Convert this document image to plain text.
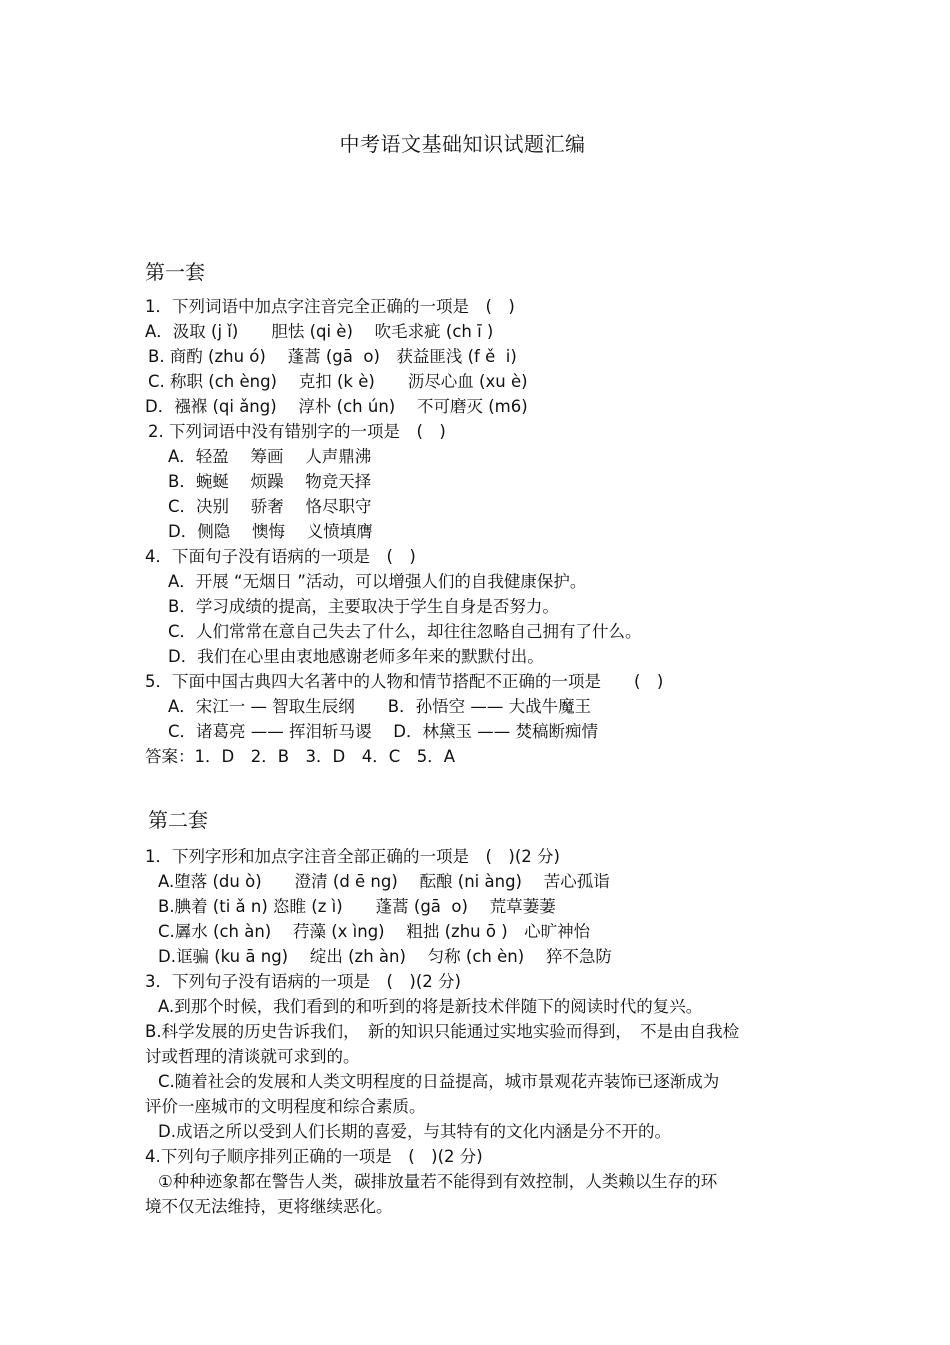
中考语文基础知识试题汇编
第一套
1．下列词语中加点字注音完全正确的一项是　(　)
A．汲取 (j ǐ)　　胆怯 (qi è)　 吹毛求疵 (ch ī )
B. 商酌 (zhu ó)　 蓬蒿 (gā  o)　获益匪浅 (f ě  i)
C. 称职 (ch èng)　 克扣 (k è)　　沥尽心血 (xu è)
D．襁褓 (qi ǎng)　 淳朴 (ch ún)　 不可磨灭 (m6)
2. 下列词语中没有错别字的一项是　(　)
A．轻盈　 筹画　 人声鼎沸
B．蜿蜒　 烦躁　 物竞天择
C．决别　 骄奢　 恪尽职守
D．侧隐　 懊悔　 义愤填膺
4．下面句子没有语病的一项是　(　)
A．开展 “无烟日 ”活动，可以增强人们的自我健康保护。
B．学习成绩的提高，主要取决于学生自身是否努力。
C．人们常常在意自己失去了什么，却往往忽略自己拥有了什么。
D．我们在心里由衷地感谢老师多年来的默默付出。
5．下面中国古典四大名著中的人物和情节搭配不正确的一项是　　(　)
A．宋江一 — 智取生辰纲　　B．孙悟空 —— 大战牛魔王
C．诸葛亮 —— 挥泪斩马谡　 D．林黛玉 —— 焚稿断痴情
答案：1．D　2．B　3．D　4．C　5．A
第二套
1．下列字形和加点字注音全部正确的一项是　(　)(2 分)
A.堕落 (du ò)　　澄清 (d ē ng)　 酝酿 (ni àng)　 苦心孤诣
B.腆着 (ti ǎ n) 恣睢 (z ì)　　蓬蒿 (gā  o)　 荒草萋萋
C.羼水 (ch àn)　 荇藻 (x ìng)　 粗拙 (zhu ō )　心旷神怡
D.诓骗 (ku ā ng)　 绽出 (zh àn)　 匀称 (ch èn)　 猝不急防
3．下列句子没有语病的一项是　(　)(2 分)
A.到那个时候，我们看到的和听到的将是新技术伴随下的阅读时代的复兴。
B.科学发展的历史告诉我们，　新的知识只能通过实地实验而得到，　不是由自我检
讨或哲理的清谈就可求到的。
C.随着社会的发展和人类文明程度的日益提高，城市景观花卉装饰已逐渐成为
评价一座城市的文明程度和综合素质。
D.成语之所以受到人们长期的喜爱，与其特有的文化内涵是分不开的。
4.下列句子顺序排列正确的一项是　(　)(2 分)
①种种迹象都在警告人类，碳排放量若不能得到有效控制，人类赖以生存的环
境不仅无法维持，更将继续恶化。
